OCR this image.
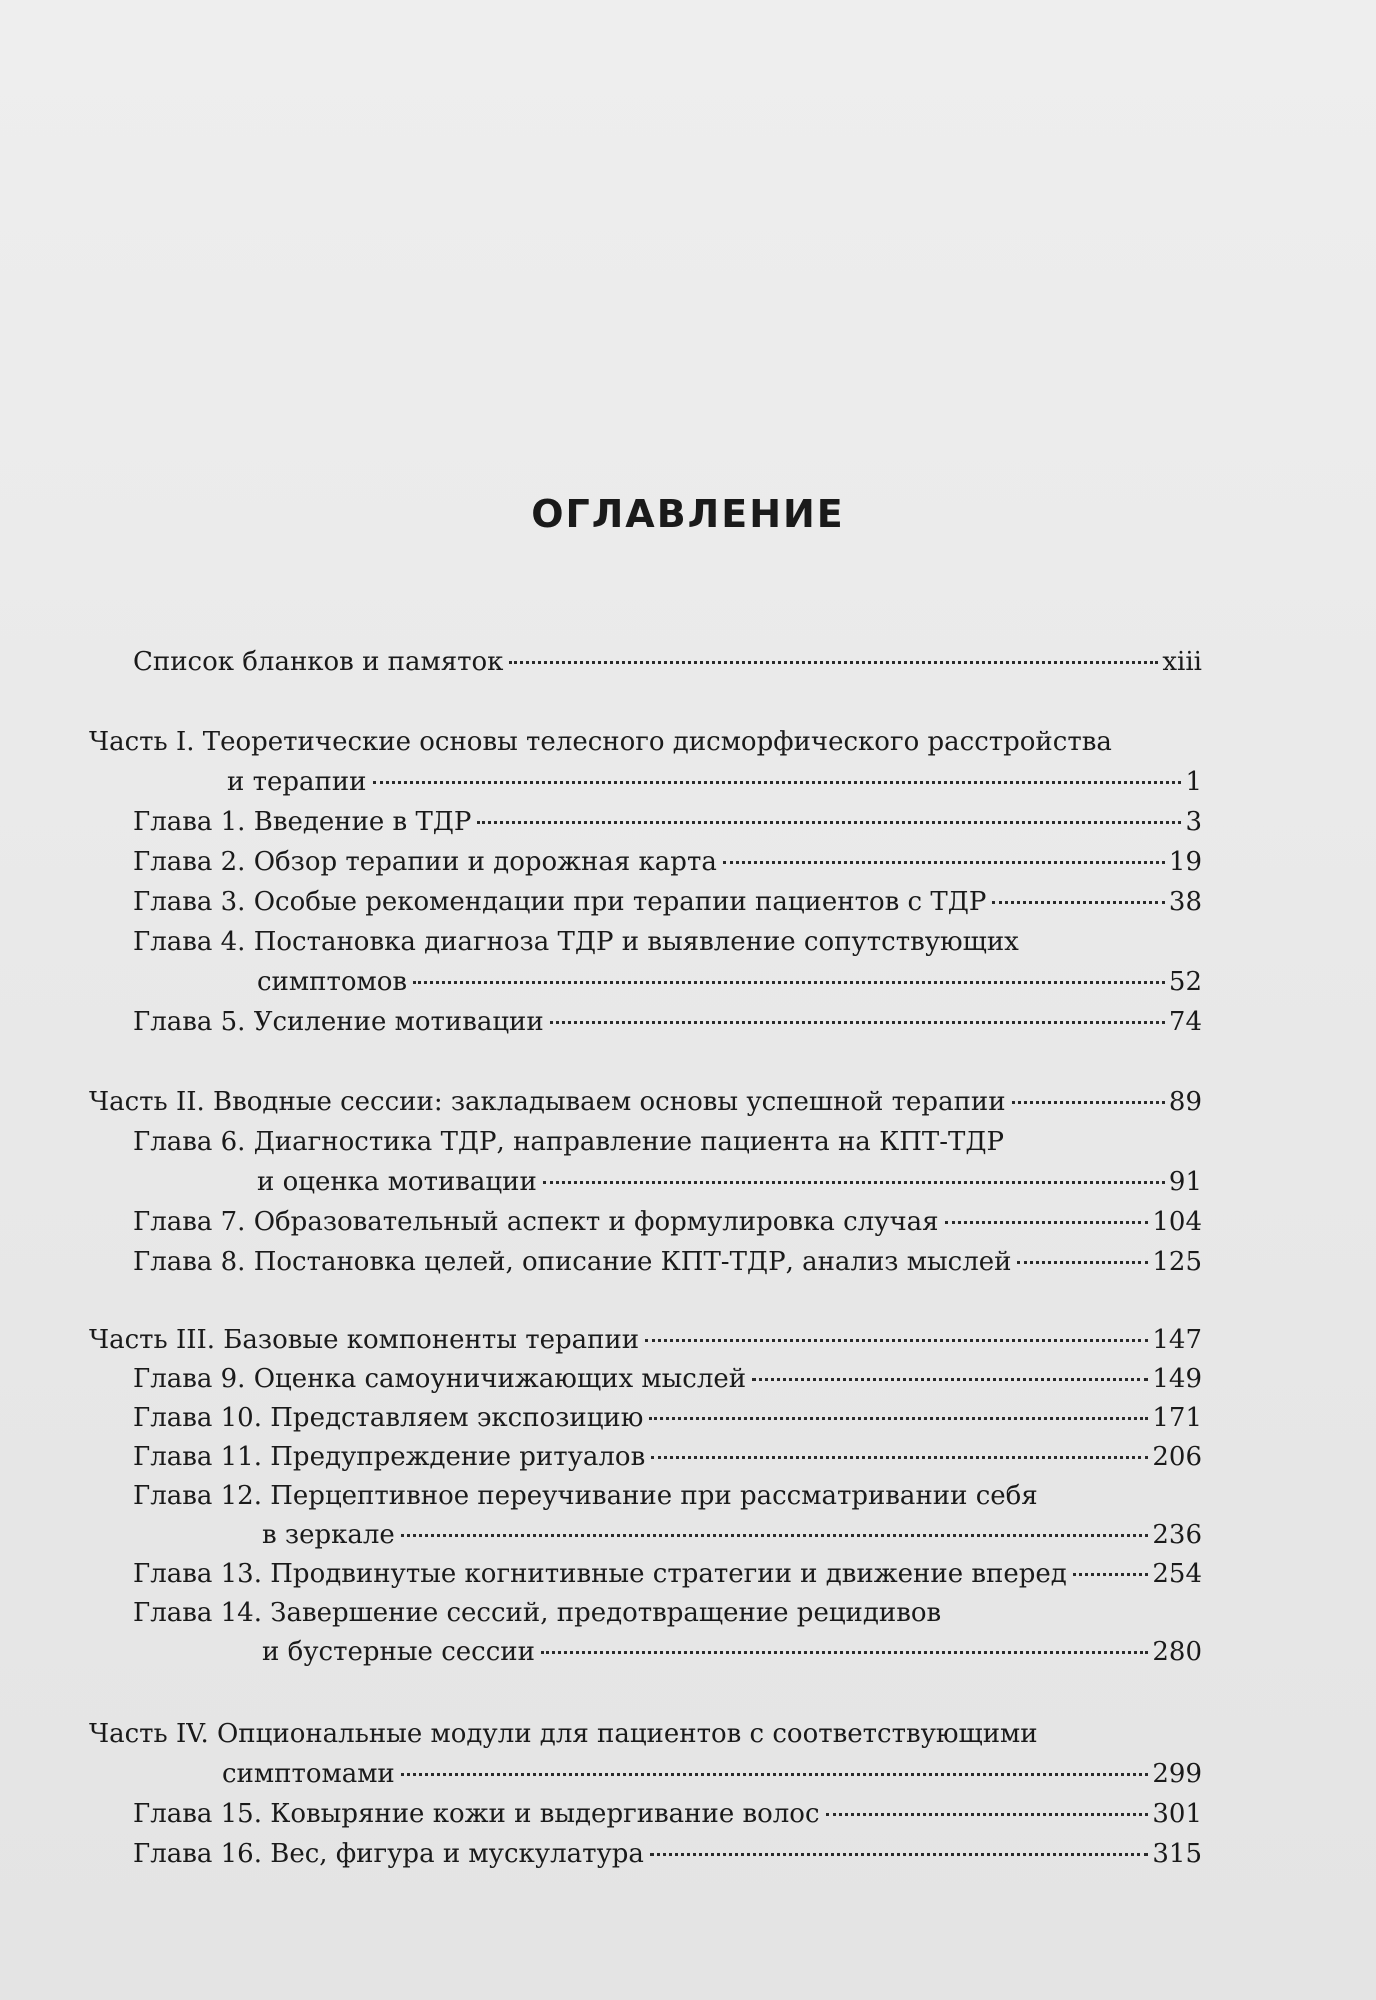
ОГЛАВЛЕНИЕ
Список бланков и памяток	xiii
Часть I. Теоретические основы телесного дисморфического расстройства
и терапии	1
Глава 1. Введение в ТДР	3
Глава 2. Обзор терапии и дорожная карта	19
Глава 3. Особые рекомендации при терапии пациентов с ТДР	38
Глава 4. Постановка диагноза ТДР и выявление сопутствующих
симптомов	52
Глава 5. Усиление мотивации	74
Часть II. Вводные сессии: закладываем основы успешной терапии	89
Глава 6. Диагностика ТДР, направление пациента на КПТ-ТДР
и оценка мотивации	91
Глава 7. Образовательный аспект и формулировка случая	104
Глава 8. Постановка целей, описание КПТ-ТДР, анализ мыслей	125
Часть III. Базовые компоненты терапии	147
Глава 9. Оценка самоуничижающих мыслей	149
Глава 10. Представляем экспозицию	171
Глава 11. Предупреждение ритуалов	206
Глава 12. Перцептивное переучивание при рассматривании себя
в зеркале	236
Глава 13. Продвинутые когнитивные стратегии и движение вперед	254
Глава 14. Завершение сессий, предотвращение рецидивов
и бустерные сессии	280
Часть IV. Опциональные модули для пациентов с соответствующими
симптомами	299
Глава 15. Ковыряние кожи и выдергивание волос	301
Глава 16. Вес, фигура и мускулатура	315
